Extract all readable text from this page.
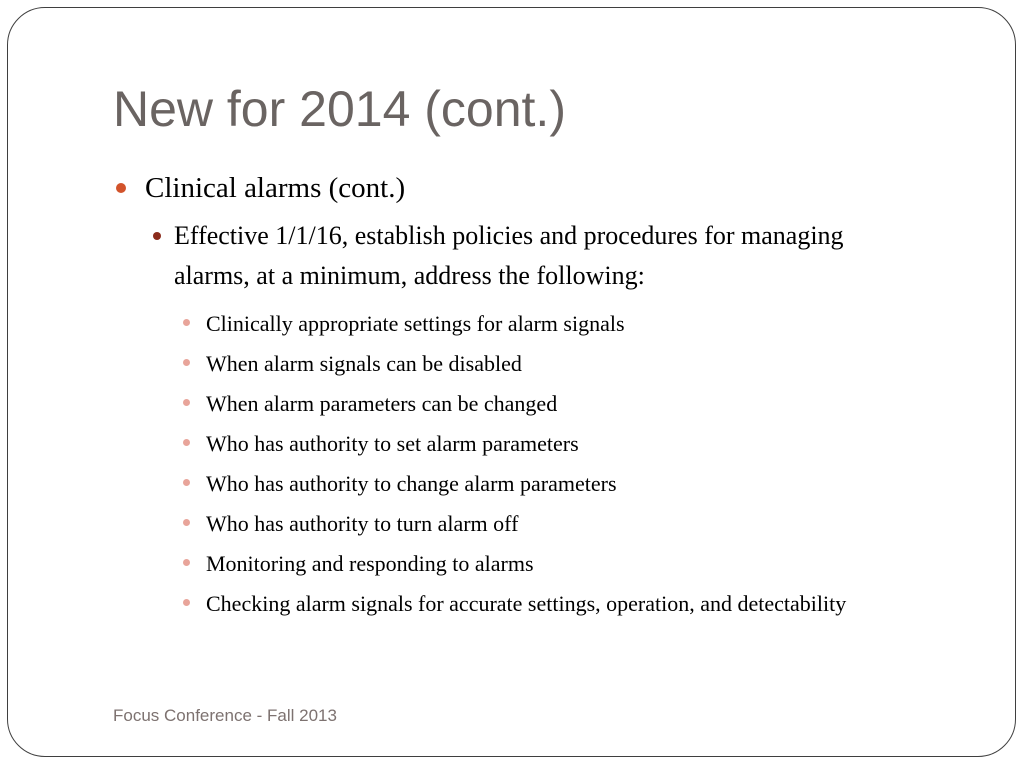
New for 2014 (cont.)
Clinical alarms (cont.)
Effective 1/1/16, establish policies and procedures for managing alarms, at a minimum, address the following:
Clinically appropriate settings for alarm signals
When alarm signals can be disabled
When alarm parameters can be changed
Who has authority to set alarm parameters
Who has authority to change alarm parameters
Who has authority to turn alarm off
Monitoring and responding to alarms
Checking alarm signals for accurate settings, operation, and detectability
Focus Conference - Fall 2013
